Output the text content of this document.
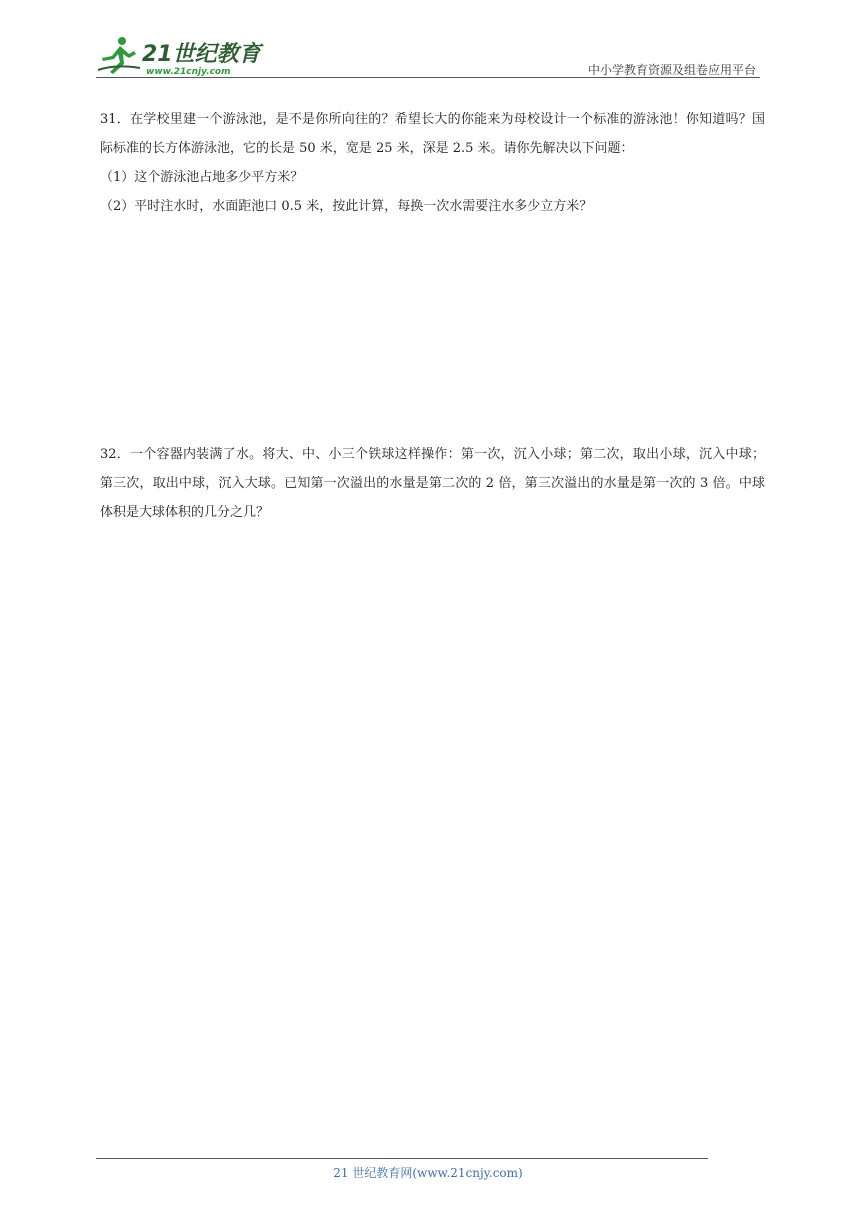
21世纪教育
www.21cnjy.com	中小学教育资源及组卷应用平台

31．在学校里建一个游泳池，是不是你所向往的？希望长大的你能来为母校设计一个标准的游泳池！你知道吗？国际标准的长方体游泳池，它的长是 50 米，宽是 25 米，深是 2.5 米。请你先解决以下问题：

（1）这个游泳池占地多少平方米？

（2）平时注水时，水面距池口 0.5 米，按此计算，每换一次水需要注水多少立方米？

32．一个容器内装满了水。将大、中、小三个铁球这样操作：第一次，沉入小球；第二次，取出小球，沉入中球；第三次，取出中球，沉入大球。已知第一次溢出的水量是第二次的 2 倍，第三次溢出的水量是第一次的 3 倍。中球体积是大球体积的几分之几？

21 世纪教育网(www.21cnjy.com)
